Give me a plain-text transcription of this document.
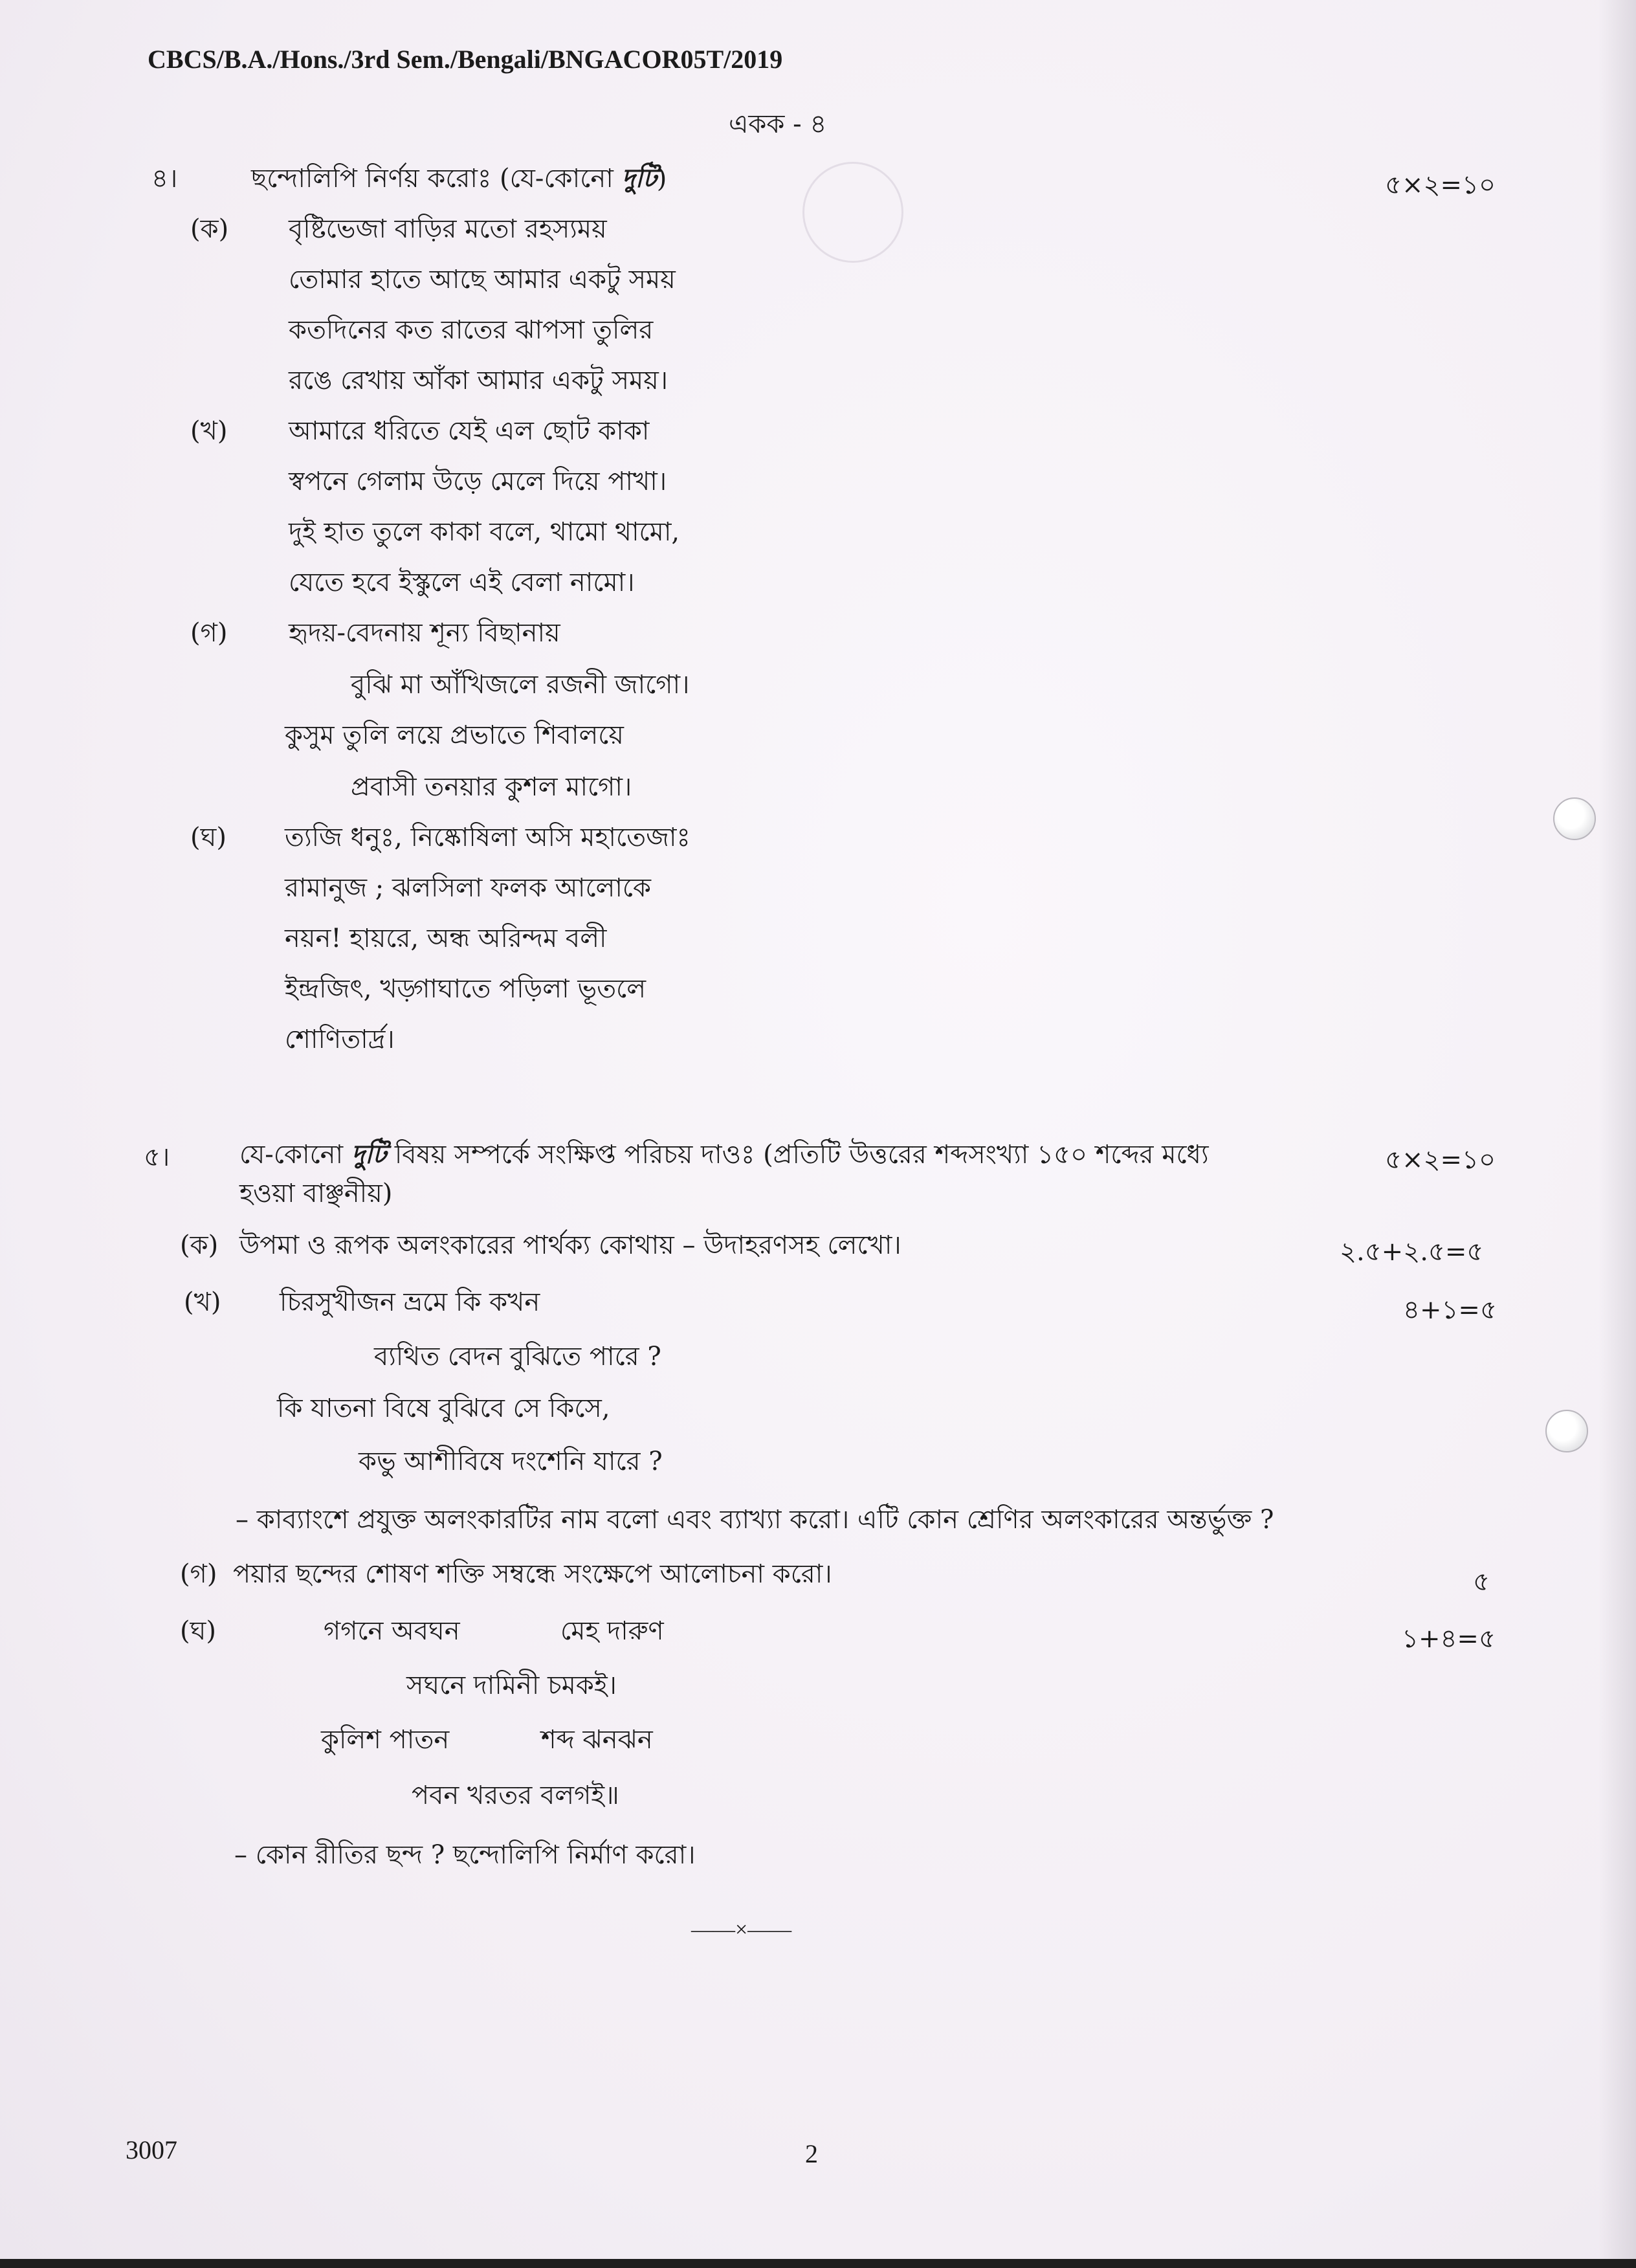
CBCS/B.A./Hons./3rd Sem./Bengali/BNGACOR05T/2019
একক - ৪
৪।	ছন্দোলিপি নির্ণয় করোঃ (যে-কোনো দুটি)	৫×২=১০
(ক) বৃষ্টিভেজা বাড়ির মতো রহস্যময়
তোমার হাতে আছে আমার একটু সময়
কতদিনের কত রাতের ঝাপসা তুলির
রঙে রেখায় আঁকা আমার একটু সময়।
(খ) আমারে ধরিতে যেই এল ছোট কাকা
স্বপনে গেলাম উড়ে মেলে দিয়ে পাখা।
দুই হাত তুলে কাকা বলে, থামো থামো,
যেতে হবে ইস্কুলে এই বেলা নামো।
(গ) হৃদয়-বেদনায় শূন্য বিছানায়
বুঝি মা আঁখিজলে রজনী জাগো।
কুসুম তুলি লয়ে প্রভাতে শিবালয়ে
প্রবাসী তনয়ার কুশল মাগো।
(ঘ) ত্যজি ধনুঃ, নিষ্কোষিলা অসি মহাতেজাঃ
রামানুজ ; ঝলসিলা ফলক আলোকে
নয়ন! হায়রে, অন্ধ অরিন্দম বলী
ইন্দ্রজিৎ, খড়্গাঘাতে পড়িলা ভূতলে
শোণিতার্দ্র।
৫।	যে-কোনো দুটি বিষয় সম্পর্কে সংক্ষিপ্ত পরিচয় দাওঃ (প্রতিটি উত্তরের শব্দসংখ্যা ১৫০ শব্দের মধ্যে
হওয়া বাঞ্ছনীয়)
৫×২=১০
(ক) উপমা ও রূপক অলংকারের পার্থক্য কোথায় – উদাহরণসহ লেখো।	২.৫+২.৫=৫
(খ) চিরসুখীজন ভ্রমে কি কখন
ব্যথিত বেদন বুঝিতে পারে ?
কি যাতনা বিষে বুঝিবে সে কিসে,
কভু আশীবিষে দংশেনি যারে ?
– কাব্যাংশে প্রযুক্ত অলংকারটির নাম বলো এবং ব্যাখ্যা করো। এটি কোন শ্রেণির অলংকারের অন্তর্ভুক্ত ?
৪+১=৫
(গ) পয়ার ছন্দের শোষণ শক্তি সম্বন্ধে সংক্ষেপে আলোচনা করো।	৫
(ঘ)	গগনে অবঘন	মেহ দারুণ
সঘনে দামিনী চমকই।
কুলিশ পাতন	শব্দ ঝনঝন
পবন খরতর বলগই॥
– কোন রীতির ছন্দ ? ছন্দোলিপি নির্মাণ করো।
১+৪=৫
——×——
3007	2
